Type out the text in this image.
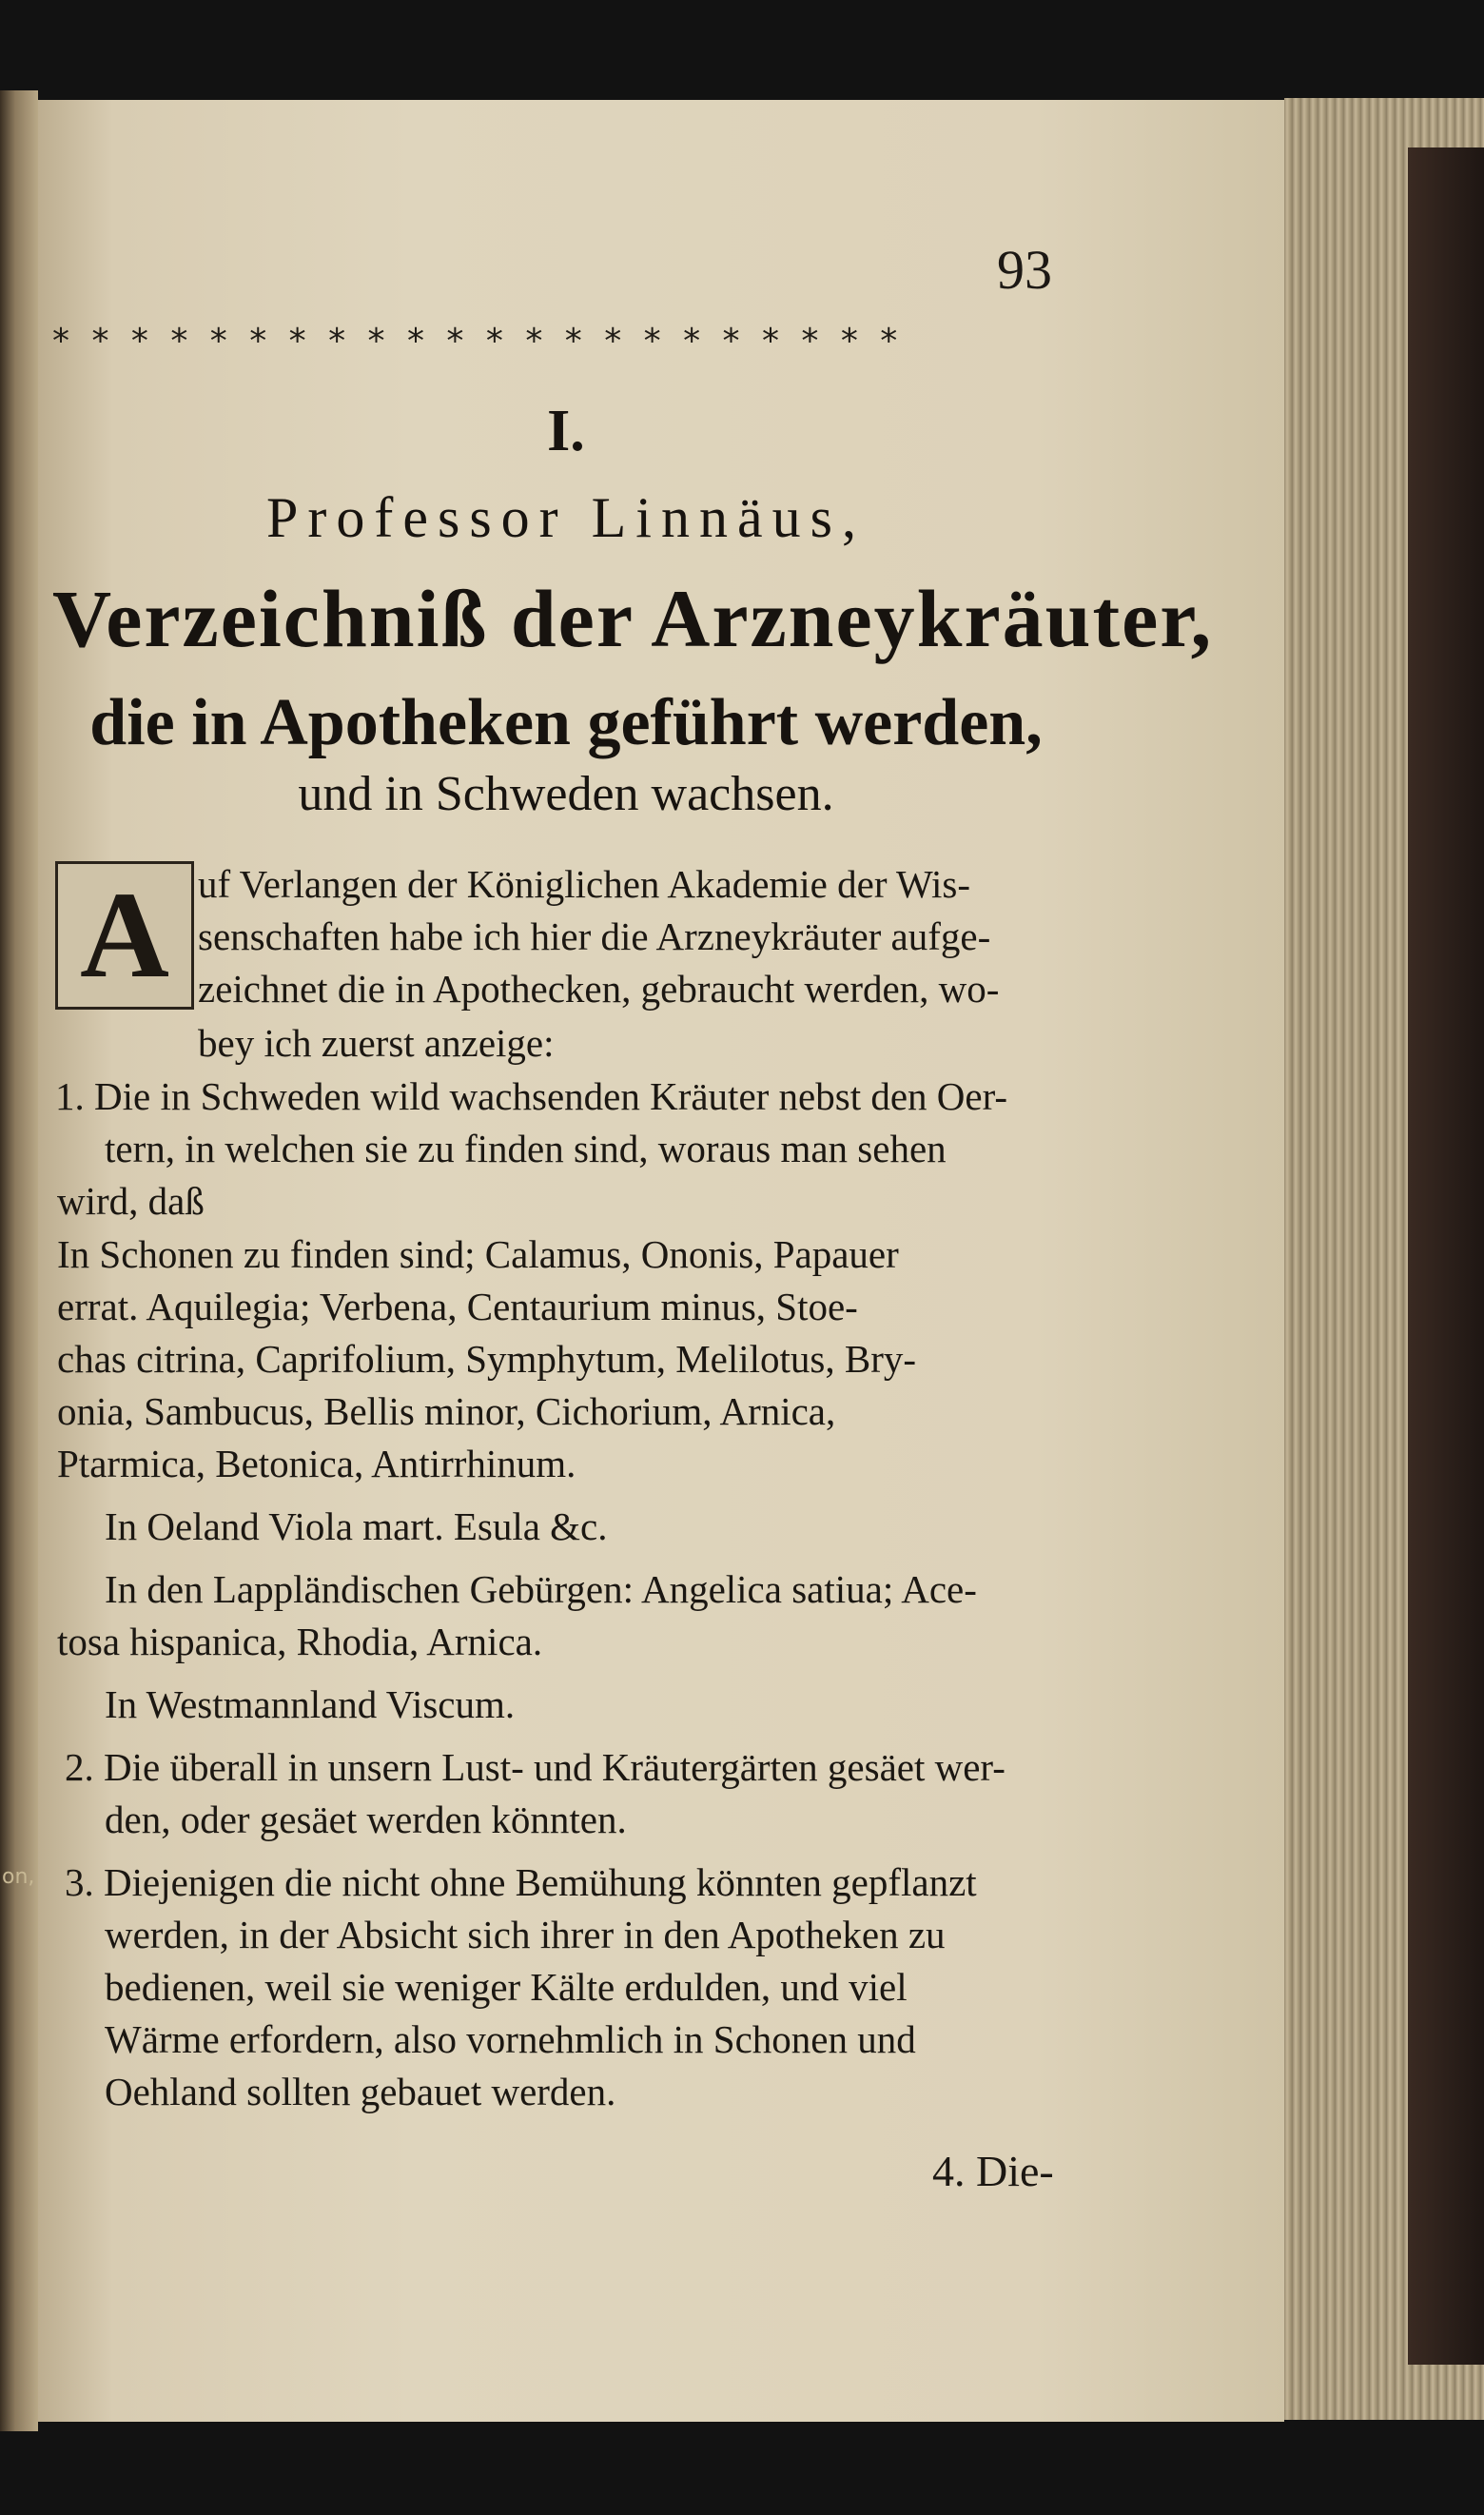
on,
93
* * * * * * * * * * * * * * * * * * * * * *
I.
Professor Linnäus,
Verzeichniß der Arzneykräuter,
die in Apotheken geführt werden,
und in Schweden wachsen.
A uf Verlangen der Königlichen Akademie der Wis-
senschaften habe ich hier die Arzneykräuter aufge-
zeichnet die in Apothecken, gebraucht werden, wo-
bey ich zuerst anzeige:
1. Die in Schweden wild wachsenden Kräuter nebst den Oer-
tern, in welchen sie zu finden sind, woraus man sehen
wird, daß
In Schonen zu finden sind; Calamus, Ononis, Papauer
errat. Aquilegia; Verbena, Centaurium minus, Stoe-
chas citrina, Caprifolium, Symphytum, Melilotus, Bry-
onia, Sambucus, Bellis minor, Cichorium, Arnica,
Ptarmica, Betonica, Antirrhinum.
In Oeland Viola mart. Esula &c.
In den Lappländischen Gebürgen: Angelica satiua; Ace-
tosa hispanica, Rhodia, Arnica.
In Westmannland Viscum.
2. Die überall in unsern Lust- und Kräutergärten gesäet wer-
den, oder gesäet werden könnten.
3. Diejenigen die nicht ohne Bemühung könnten gepflanzt
werden, in der Absicht sich ihrer in den Apotheken zu
bedienen, weil sie weniger Kälte erdulden, und viel
Wärme erfordern, also vornehmlich in Schonen und
Oehland sollten gebauet werden.
4. Die-
